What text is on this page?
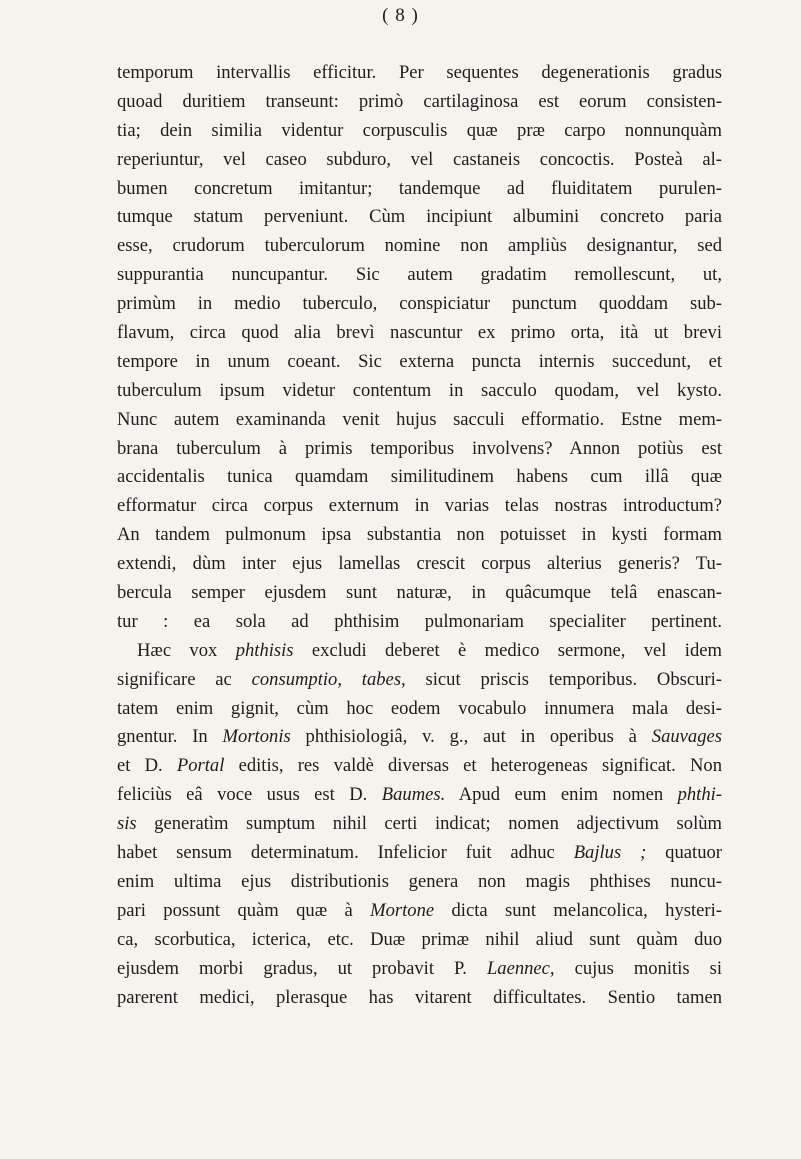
( 8 )
temporum intervallis efficitur. Per sequentes degenerationis gradus
quoad duritiem transeunt: primò cartilaginosa est eorum consisten-
tia; dein similia videntur corpusculis quæ præ carpo nonnunquàm
reperiuntur, vel caseo subduro, vel castaneis concoctis. Posteà al-
bumen concretum imitantur; tandemque ad fluiditatem purulen-
tumque statum perveniunt. Cùm incipiunt albumini concreto paria
esse, crudorum tuberculorum nomine non ampliùs designantur, sed
suppurantia nuncupantur. Sic autem gradatim remollescunt, ut,
primùm in medio tuberculo, conspiciatur punctum quoddam sub-
flavum, circa quod alia brevì nascuntur ex primo orta, ità ut brevi
tempore in unum coeant. Sic externa puncta internis succedunt, et
tuberculum ipsum videtur contentum in sacculo quodam, vel kysto.
Nunc autem examinanda venit hujus sacculi efformatio. Estne mem-
brana tuberculum à primis temporibus involvens? Annon potiùs est
accidentalis tunica quamdam similitudinem habens cum illâ quæ
efformatur circa corpus externum in varias telas nostras introductum?
An tandem pulmonum ipsa substantia non potuisset in kysti formam
extendi, dùm inter ejus lamellas crescit corpus alterius generis? Tu-
bercula semper ejusdem sunt naturæ, in quâcumque telâ enascan-
tur : ea sola ad phthisim pulmonariam specialiter pertinent.
Hæc vox phthisis excludi deberet è medico sermone, vel idem
significare ac consumptio, tabes, sicut priscis temporibus. Obscuri-
tatem enim gignit, cùm hoc eodem vocabulo innumera mala desi-
gnentur. In Mortonis phthisiologiâ, v. g., aut in operibus à Sauvages
et D. Portal editis, res valdè diversas et heterogeneas significat. Non
feliciùs eâ voce usus est D. Baumes. Apud eum enim nomen phthi-
sis generatìm sumptum nihil certi indicat; nomen adjectivum solùm
habet sensum determinatum. Infelicior fuit adhuc Bajlus ; quatuor
enim ultima ejus distributionis genera non magis phthises nuncu-
pari possunt quàm quæ à Mortone dicta sunt melancolica, hysteri-
ca, scorbutica, icterica, etc. Duæ primæ nihil aliud sunt quàm duo
ejusdem morbi gradus, ut probavit P. Laennec, cujus monitis si
parerent medici, plerasque has vitarent difficultates. Sentio tamen
